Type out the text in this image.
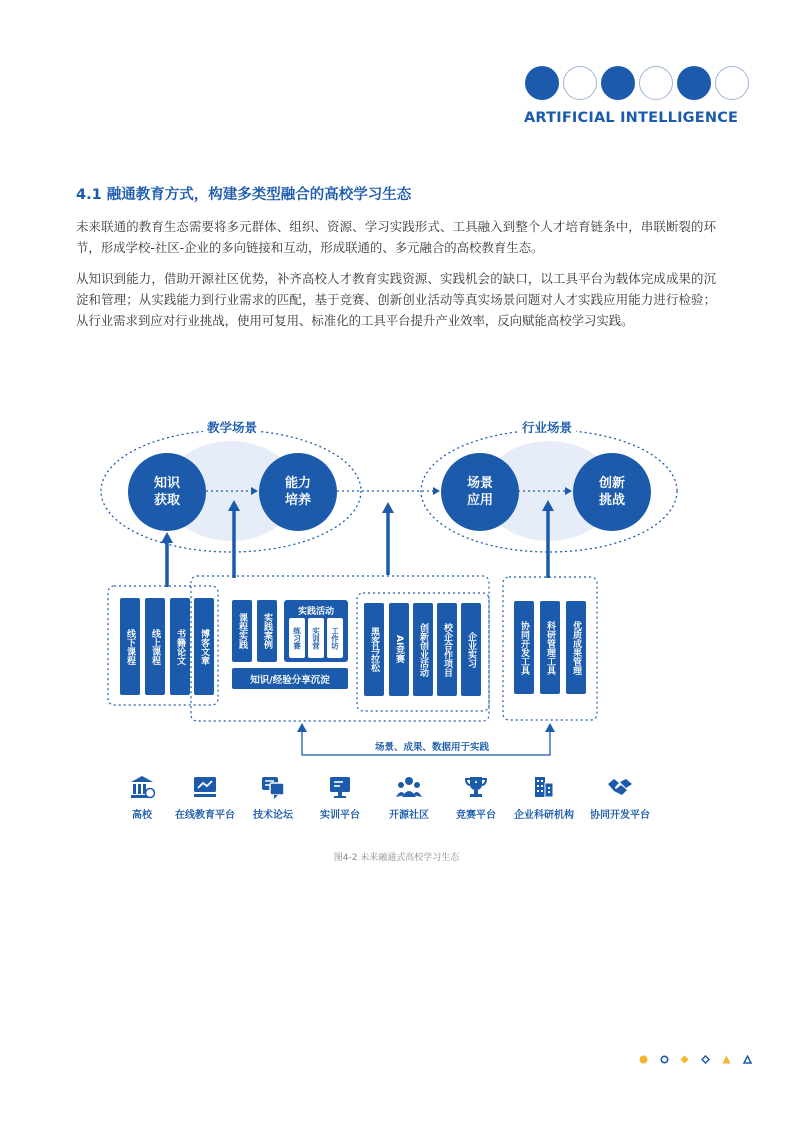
ARTIFICIAL INTELLIGENCE
4.1 融通教育方式，构建多类型融合的高校学习生态

未来联通的教育生态需要将多元群体、组织、资源、学习实践形式、工具融入到整个人才培育链条中，串联断裂的环节，形成学校-社区-企业的多向链接和互动，形成联通的、多元融合的高校教育生态。

从知识到能力，借助开源社区优势，补齐高校人才教育实践资源、实践机会的缺口，以工具平台为载体完成成果的沉淀和管理；从实践能力到行业需求的匹配，基于竞赛、创新创业活动等真实场景问题对人才实践应用能力进行检验；从行业需求到应对行业挑战，使用可复用、标准化的工具平台提升产业效率，反向赋能高校学习实践。

教学场景	行业场景
知识
获取
能力
培养
场景
应用
创新
挑战
线下课程	线上课程	书籍论文	博客文章	课程实践	实践案例
实践活动
练习赛	实训营	工作坊
知识/经验分享沉淀
黑客马拉松	AI竞赛	创新创业活动	校企合作项目	企业实习	协同开发工具	科研管理工具	优质成果管理
场景、成果、数据用于实践
高校	在线教育平台	技术论坛	实训平台	开源社区	竞赛平台	企业科研机构	协同开发平台
图4-2 未来融通式高校学习生态
